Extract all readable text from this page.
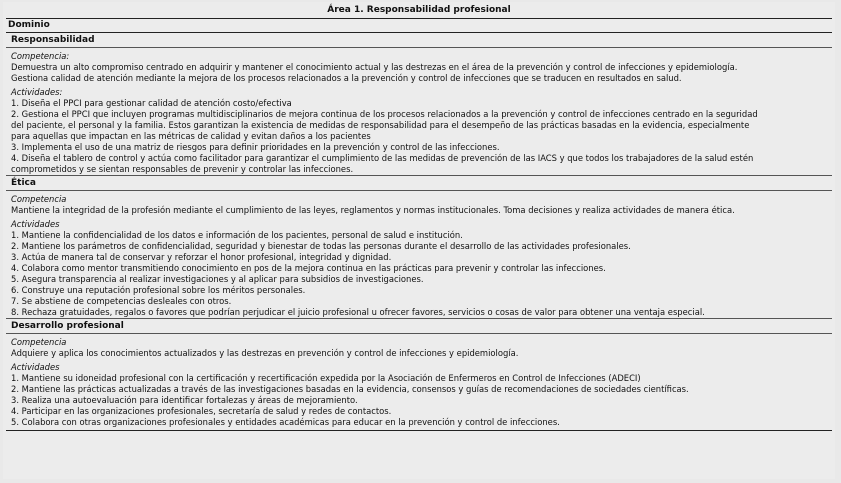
Área 1. Responsabilidad profesional
Dominio
Responsabilidad
Competencia:
Demuestra un alto compromiso centrado en adquirir y mantener el conocimiento actual y las destrezas en el área de la prevención y control de infecciones y epidemiología.
Gestiona calidad de atención mediante la mejora de los procesos relacionados a la prevención y control de infecciones que se traducen en resultados en salud.
Actividades:
1. Diseña el PPCI para gestionar calidad de atención costo/efectiva
2. Gestiona el PPCI que incluyen programas multidisciplinarios de mejora continua de los procesos relacionados a la prevención y control de infecciones centrado en la seguridad
del paciente, el personal y la familia. Estos garantizan la existencia de medidas de responsabilidad para el desempeño de las prácticas basadas en la evidencia, especialmente
para aquellas que impactan en las métricas de calidad y evitan daños a los pacientes
3. Implementa el uso de una matriz de riesgos para definir prioridades en la prevención y control de las infecciones.
4. Diseña el tablero de control y actúa como facilitador para garantizar el cumplimiento de las medidas de prevención de las IACS y que todos los trabajadores de la salud estén
comprometidos y se sientan responsables de prevenir y controlar las infecciones.
Ética
Competencia
Mantiene la integridad de la profesión mediante el cumplimiento de las leyes, reglamentos y normas institucionales. Toma decisiones y realiza actividades de manera ética.
Actividades
1. Mantiene la confidencialidad de los datos e información de los pacientes, personal de salud e institución.
2. Mantiene los parámetros de confidencialidad, seguridad y bienestar de todas las personas durante el desarrollo de las actividades profesionales.
3. Actúa de manera tal de conservar y reforzar el honor profesional, integridad y dignidad.
4. Colabora como mentor transmitiendo conocimiento en pos de la mejora continua en las prácticas para prevenir y controlar las infecciones.
5. Asegura transparencia al realizar investigaciones y al aplicar para subsidios de investigaciones.
6. Construye una reputación profesional sobre los méritos personales.
7. Se abstiene de competencias desleales con otros.
8. Rechaza gratuidades, regalos o favores que podrían perjudicar el juicio profesional u ofrecer favores, servicios o cosas de valor para obtener una ventaja especial.
Desarrollo profesional
Competencia
Adquiere y aplica los conocimientos actualizados y las destrezas en prevención y control de infecciones y epidemiología.
Actividades
1. Mantiene su idoneidad profesional con la certificación y recertificación expedida por la Asociación de Enfermeros en Control de Infecciones (ADECI)
2. Mantiene las prácticas actualizadas a través de las investigaciones basadas en la evidencia, consensos y guías de recomendaciones de sociedades científicas.
3. Realiza una autoevaluación para identificar fortalezas y áreas de mejoramiento.
4. Participar en las organizaciones profesionales, secretaría de salud y redes de contactos.
5. Colabora con otras organizaciones profesionales y entidades académicas para educar en la prevención y control de infecciones.
